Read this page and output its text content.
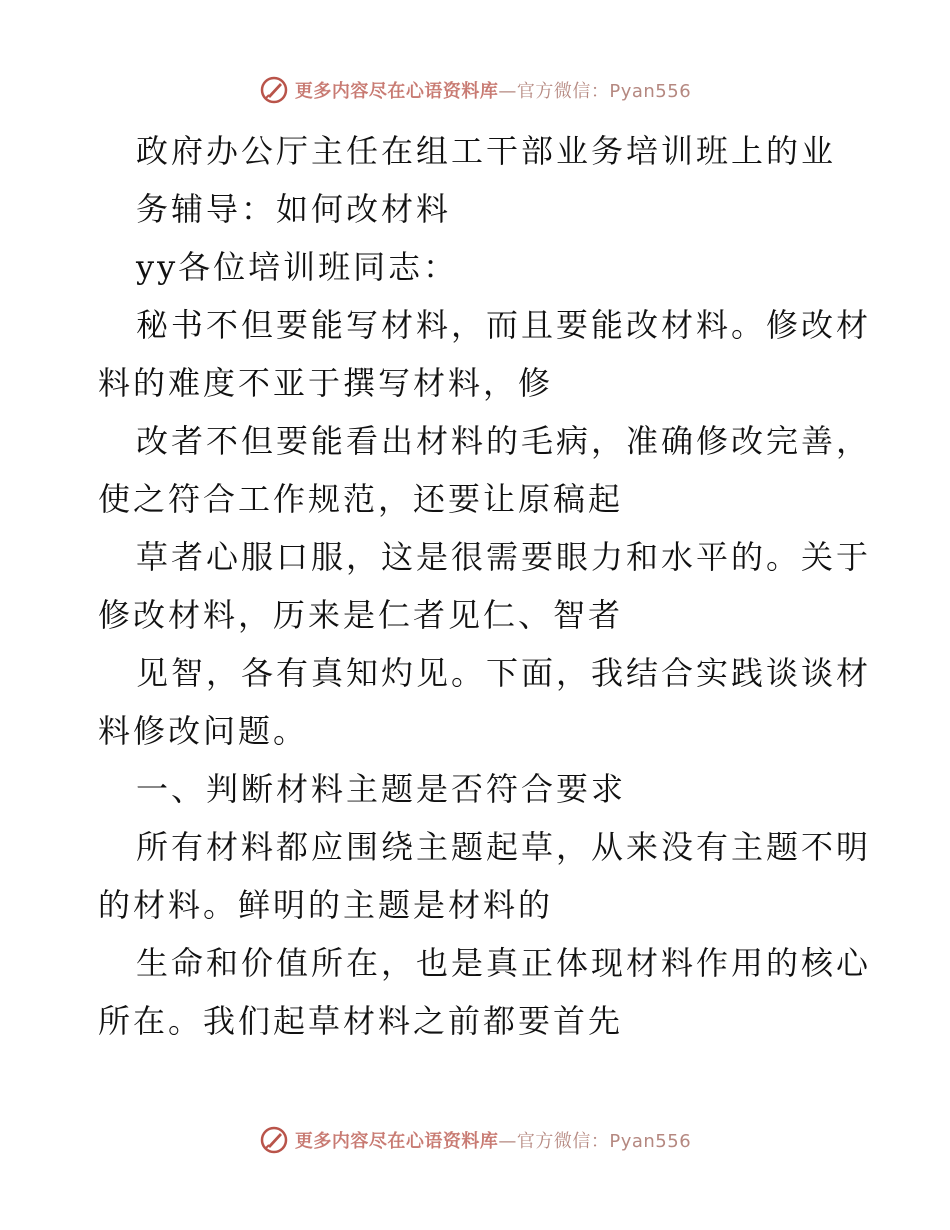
更多内容尽在心语资料库—官方微信：Pyan556
政府办公厅主任在组工干部业务培训班上的业
务辅导：如何改材料
yy各位培训班同志：
秘书不但要能写材料，而且要能改材料。修改材
料的难度不亚于撰写材料，修
改者不但要能看出材料的毛病，准确修改完善，
使之符合工作规范，还要让原稿起
草者心服口服，这是很需要眼力和水平的。关于
修改材料，历来是仁者见仁、智者
见智，各有真知灼见。下面，我结合实践谈谈材
料修改问题。
一、判断材料主题是否符合要求
所有材料都应围绕主题起草，从来没有主题不明
的材料。鲜明的主题是材料的
生命和价值所在，也是真正体现材料作用的核心
所在。我们起草材料之前都要首先
更多内容尽在心语资料库—官方微信：Pyan556
